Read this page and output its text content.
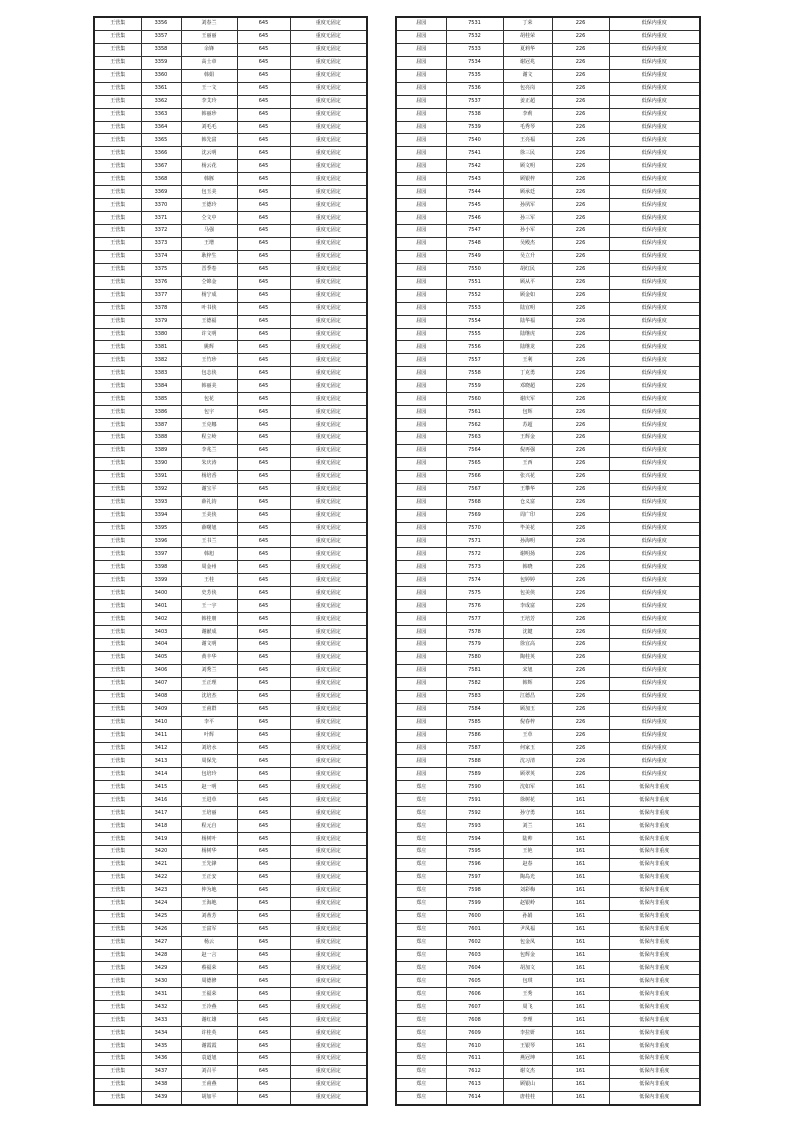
王营集	3356	刘春兰	645	重度无固定
王营集	3357	王丽丽	645	重度无固定
王营集	3358	余锋	645	重度无固定
王营集	3359	高士章	645	重度无固定
王营集	3360	韩娟	645	重度无固定
王营集	3361	王一文	645	重度无固定
王营集	3362	李艾玲	645	重度无固定
王营集	3363	韩丽珍	645	重度无固定
王营集	3364	刘毛毛	645	重度无固定
王营集	3365	韩先富	645	重度无固定
王营集	3366	沈云明	645	重度无固定
王营集	3367	杨云花	645	重度无固定
王营集	3368	韩豚	645	重度无固定
王营集	3369	包玉美	645	重度无固定
王营集	3370	王德玲	645	重度无固定
王营集	3371	仝文中	645	重度无固定
王营集	3372	马强	645	重度无固定
王营集	3373	王增	645	重度无固定
王营集	3374	耿梓生	645	重度无固定
王营集	3375	晋季卷	645	重度无固定
王营集	3376	仝锦金	645	重度无固定
王营集	3377	杨宁成	645	重度无固定
王营集	3378	叶书侠	645	重度无固定
王营集	3379	王德福	645	重度无固定
王营集	3380	许文明	645	重度无固定
王营集	3381	姚辉	645	重度无固定
王营集	3382	王竹珍	645	重度无固定
王营集	3383	包志侠	645	重度无固定
王营集	3384	韩丽美	645	重度无固定
王营集	3385	包花	645	重度无固定
王营集	3386	包宇	645	重度无固定
王营集	3387	王克娜	645	重度无固定
王营集	3388	程立岭	645	重度无固定
王营集	3389	李兆兰	645	重度无固定
王营集	3390	朱庆涛	645	重度无固定
王营集	3391	杨培香	645	重度无固定
王营集	3392	谢宝平	645	重度无固定
王营集	3393	薛礼钧	645	重度无固定
王营集	3394	王美侠	645	重度无固定
王营集	3395	薛曙旭	645	重度无固定
王营集	3396	王书兰	645	重度无固定
王营集	3397	韩旭	645	重度无固定
王营集	3398	周金州	645	重度无固定
王营集	3399	王桂	645	重度无固定
王营集	3400	史芳侠	645	重度无固定
王营集	3401	王一宇	645	重度无固定
王营集	3402	韩桂朋	645	重度无固定
王营集	3403	谢献成	645	重度无固定
王营集	3404	谢文明	645	重度无固定
王营集	3405	黄丰华	645	重度无固定
王营集	3406	刘秀兰	645	重度无固定
王营集	3407	王正理	645	重度无固定
王营集	3408	沈培杰	645	重度无固定
王营集	3409	王甫群	645	重度无固定
王营集	3410	李平	645	重度无固定
王营集	3411	叶辉	645	重度无固定
王营集	3412	刘培水	645	重度无固定
王营集	3413	周保先	645	重度无固定
王营集	3414	包培玲	645	重度无固定
王营集	3415	赵一明	645	重度无固定
王营集	3416	王进草	645	重度无固定
王营集	3417	王培丽	645	重度无固定
王营集	3418	程元自	645	重度无固定
王营集	3419	杨树叶	645	重度无固定
王营集	3420	杨树华	645	重度无固定
王营集	3421	王先锋	645	重度无固定
王营集	3422	王正安	645	重度无固定
王营集	3423	仲为地	645	重度无固定
王营集	3424	王海地	645	重度无固定
王营集	3425	刘蒂芳	645	重度无固定
王营集	3426	王富军	645	重度无固定
王营集	3427	杨云	645	重度无固定
王营集	3428	赵一言	645	重度无固定
王营集	3429	蔡福荣	645	重度无固定
王营集	3430	周德修	645	重度无固定
王营集	3431	王福荣	645	重度无固定
王营集	3432	王冷燕	645	重度无固定
王营集	3433	谢红雄	645	重度无固定
王营集	3434	许桂英	645	重度无固定
王营集	3435	谢霞霞	645	重度无固定
王营集	3436	袁道旭	645	重度无固定
王营集	3437	刘召平	645	重度无固定
王营集	3438	王甫燕	645	重度无固定
王营集	3439	胡加平	645	重度无固定
屈园	7531	丁荣	226	低保内重度
屈园	7532	胡桂荣	226	低保内重度
屈园	7533	夏莉华	226	低保内重度
屈园	7534	谢冠兆	226	低保内重度
屈园	7535	谢文	226	低保内重度
屈园	7536	包亮岗	226	低保内重度
屈园	7537	姜正超	226	低保内重度
屈园	7538	李莉	226	低保内重度
屈园	7539	毛秀琴	226	低保内重度
屈园	7540	王亮福	226	低保内重度
屈园	7541	徐三民	226	低保内重度
屈园	7542	顾文明	226	低保内重度
屈园	7543	顾银梓	226	低保内重度
屈园	7544	顾承廷	226	低保内重度
屈园	7545	孙夙军	226	低保内重度
屈园	7546	孙三军	226	低保内重度
屈园	7547	孙小军	226	低保内重度
屈园	7548	吴殿杰	226	低保内重度
屈园	7549	吴立升	226	低保内重度
屈园	7550	胡红民	226	低保内重度
屈园	7551	顾从平	226	低保内重度
屈园	7552	顾金如	226	低保内重度
屈园	7553	陆宜明	226	低保内重度
屈园	7554	陆华福	226	低保内重度
屈园	7555	陆继虎	226	低保内重度
屈园	7556	陆继龙	226	低保内重度
屈园	7557	王利	226	低保内重度
屈园	7558	丁克勇	226	低保内重度
屈园	7559	邓晓超	226	低保内重度
屈园	7560	谢庆军	226	低保内重度
屈园	7561	包辉	226	低保内重度
屈园	7562	苏超	226	低保内重度
屈园	7563	王辉金	226	低保内重度
屈园	7564	倪再强	226	低保内重度
屈园	7565	王西	226	低保内重度
屈园	7566	张兴花	226	低保内重度
屈园	7567	王攀华	226	低保内重度
屈园	7568	仓义富	226	低保内重度
屈园	7569	周广印	226	低保内重度
屈园	7570	毕美花	226	低保内重度
屈园	7571	孙海明	226	低保内重度
屈园	7572	谢明扬	226	低保内重度
屈园	7573	韩晓	226	低保内重度
屈园	7574	包婷婷	226	低保内重度
屈园	7575	包美侠	226	低保内重度
屈园	7576	李成富	226	低保内重度
屈园	7577	王培芳	226	低保内重度
屈园	7578	沈键	226	低保内重度
屈园	7579	徐宜高	226	低保内重度
屈园	7580	陶桂英	226	低保内重度
屈园	7581	宋旭	226	低保内重度
屈园	7582	韩辉	226	低保内重度
屈园	7583	江德昌	226	低保内重度
屈园	7584	顾加玉	226	低保内重度
屈园	7585	倪春梓	226	低保内重度
屈园	7586	王草	226	低保内重度
屈园	7587	何家玉	226	低保内重度
屈园	7588	沈习清	226	低保内重度
屈园	7589	顾翠英	226	低保内重度
郑庄	7590	沈如军	161	低保内非重度
郑庄	7591	徐树花	161	低保内非重度
郑庄	7592	孙守勇	161	低保内非重度
郑庄	7593	刘兰	161	低保内非重度
郑庄	7594	陆帅	161	低保内非重度
郑庄	7595	王艳	161	低保内非重度
郑庄	7596	赵春	161	低保内非重度
郑庄	7597	陶岛光	161	低保内非重度
郑庄	7598	刘彩梅	161	低保内非重度
郑庄	7599	赵银岭	161	低保内非重度
郑庄	7600	孙娟	161	低保内非重度
郑庄	7601	尹凤福	161	低保内非重度
郑庄	7602	包金凤	161	低保内非重度
郑庄	7603	包辉金	161	低保内非重度
郑庄	7604	胡加文	161	低保内非重度
郑庄	7605	包琪	161	低保内非重度
郑庄	7606	王秀	161	低保内非重度
郑庄	7607	周飞	161	低保内非重度
郑庄	7608	李理	161	低保内非重度
郑庄	7609	李拉妍	161	低保内非重度
郑庄	7610	王银琴	161	低保内非重度
郑庄	7611	燕冠坤	161	低保内非重度
郑庄	7612	谢文杰	161	低保内非重度
郑庄	7613	顾银山	161	低保内非重度
郑庄	7614	唐桂桂	161	低保内非重度
